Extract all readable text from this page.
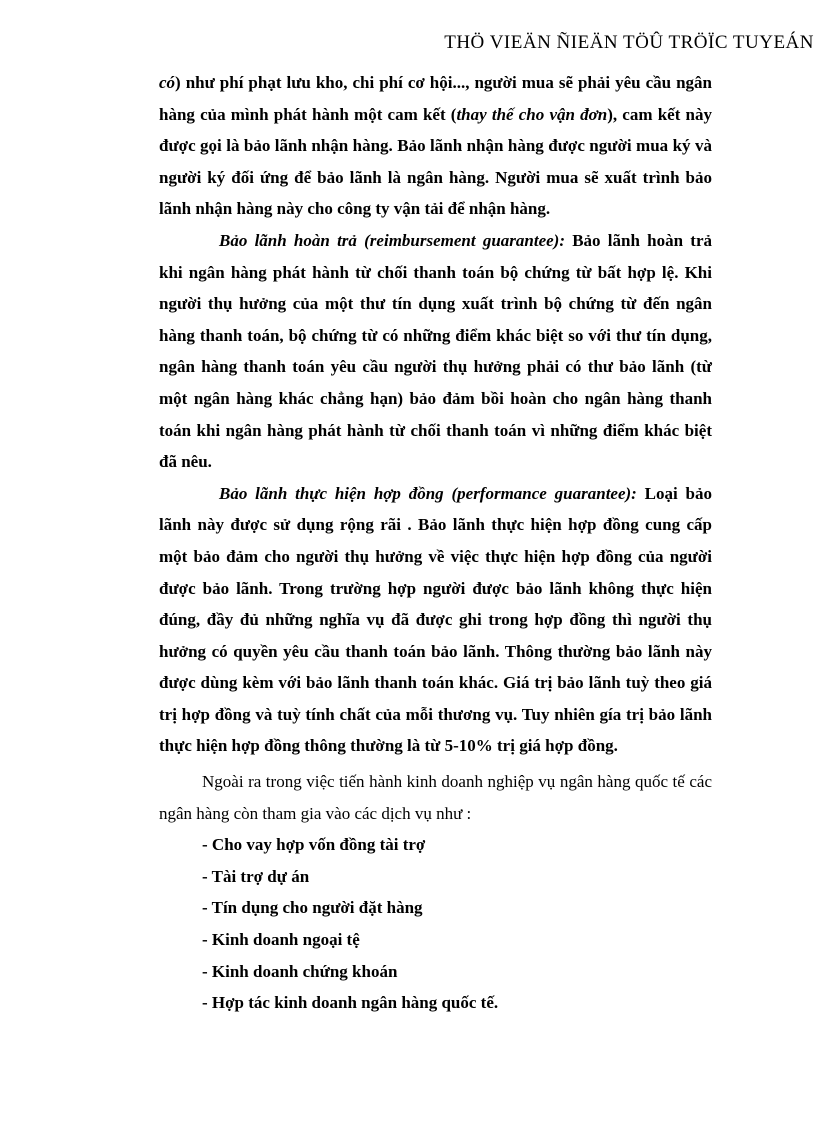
THÖ VIEÄN ÑIEÄN TÖÛ TRÖÏC TUYEÁN

có) như phí phạt lưu kho, chi phí cơ hội..., người mua sẽ phải yêu cầu ngân hàng của mình phát hành một cam kết (thay thế cho vận đơn), cam kết này được gọi là bảo lãnh nhận hàng. Bảo lãnh nhận hàng được người mua ký và người ký đối ứng để bảo lãnh là ngân hàng. Người mua sẽ xuất trình bảo lãnh nhận hàng này cho công ty vận tải để nhận hàng.

Bảo lãnh hoàn trả (reimbursement guarantee): Bảo lãnh hoàn trả khi ngân hàng phát hành từ chối thanh toán bộ chứng từ bất hợp lệ. Khi người thụ hưởng của một thư tín dụng xuất trình bộ chứng từ đến ngân hàng thanh toán, bộ chứng từ có những điểm khác biệt so với thư tín dụng, ngân hàng thanh toán yêu cầu người thụ hưởng phải có thư bảo lãnh (từ một ngân hàng khác chẳng hạn) bảo đảm bồi hoàn cho ngân hàng thanh toán khi ngân hàng phát hành từ chối thanh toán vì những điểm khác biệt đã nêu.

Bảo lãnh thực hiện hợp đồng (performance guarantee): Loại bảo lãnh này được sử dụng rộng rãi . Bảo lãnh thực hiện hợp đồng cung cấp một bảo đảm cho người thụ hưởng về việc thực hiện hợp đồng của người được bảo lãnh. Trong trường hợp người được bảo lãnh không thực hiện đúng, đầy đủ những nghĩa vụ đã được ghi trong hợp đồng thì người thụ hưởng có quyền yêu cầu thanh toán bảo lãnh. Thông thường bảo lãnh này được dùng kèm với bảo lãnh thanh toán khác. Giá trị bảo lãnh tuỳ theo giá trị hợp đồng và tuỳ tính chất của mỗi thương vụ. Tuy nhiên gía trị bảo lãnh thực hiện hợp đồng thông thường là từ 5-10% trị giá hợp đồng.

Ngoài ra trong việc tiến hành kinh doanh nghiệp vụ ngân hàng quốc tế các ngân hàng còn tham gia vào các dịch vụ như :

- Cho vay hợp vốn đồng tài trợ
- Tài trợ dự án
- Tín dụng cho người đặt hàng
- Kinh doanh ngoại tệ
- Kinh doanh chứng khoán
- Hợp tác kinh doanh ngân hàng quốc tế.
